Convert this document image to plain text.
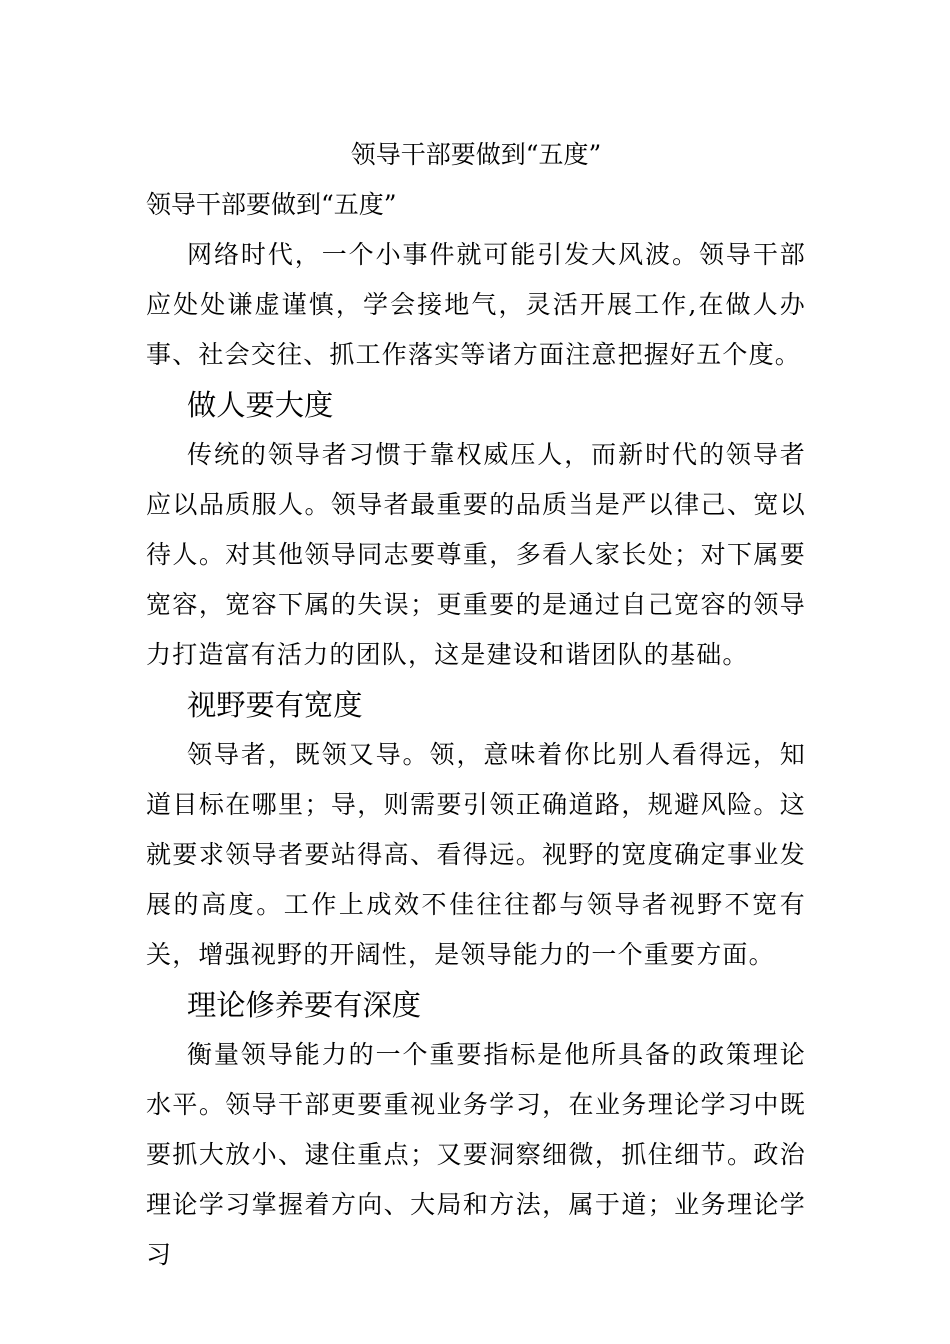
领导干部要做到“五度”
领导干部要做到“五度”

网络时代，一个小事件就可能引发大风波。领导干部应处处谦虚谨慎，学会接地气，灵活开展工作,在做人办事、社会交往、抓工作落实等诸方面注意把握好五个度。

做人要大度

传统的领导者习惯于靠权威压人，而新时代的领导者应以品质服人。领导者最重要的品质当是严以律己、宽以待人。对其他领导同志要尊重，多看人家长处；对下属要宽容，宽容下属的失误；更重要的是通过自己宽容的领导力打造富有活力的团队，这是建设和谐团队的基础。

视野要有宽度

领导者，既领又导。领，意味着你比别人看得远，知道目标在哪里；导，则需要引领正确道路，规避风险。这就要求领导者要站得高、看得远。视野的宽度确定事业发展的高度。工作上成效不佳往往都与领导者视野不宽有关，增强视野的开阔性，是领导能力的一个重要方面。

理论修养要有深度

衡量领导能力的一个重要指标是他所具备的政策理论水平。领导干部更要重视业务学习，在业务理论学习中既要抓大放小、逮住重点；又要洞察细微，抓住细节。政治理论学习掌握着方向、大局和方法，属于道；业务理论学习
